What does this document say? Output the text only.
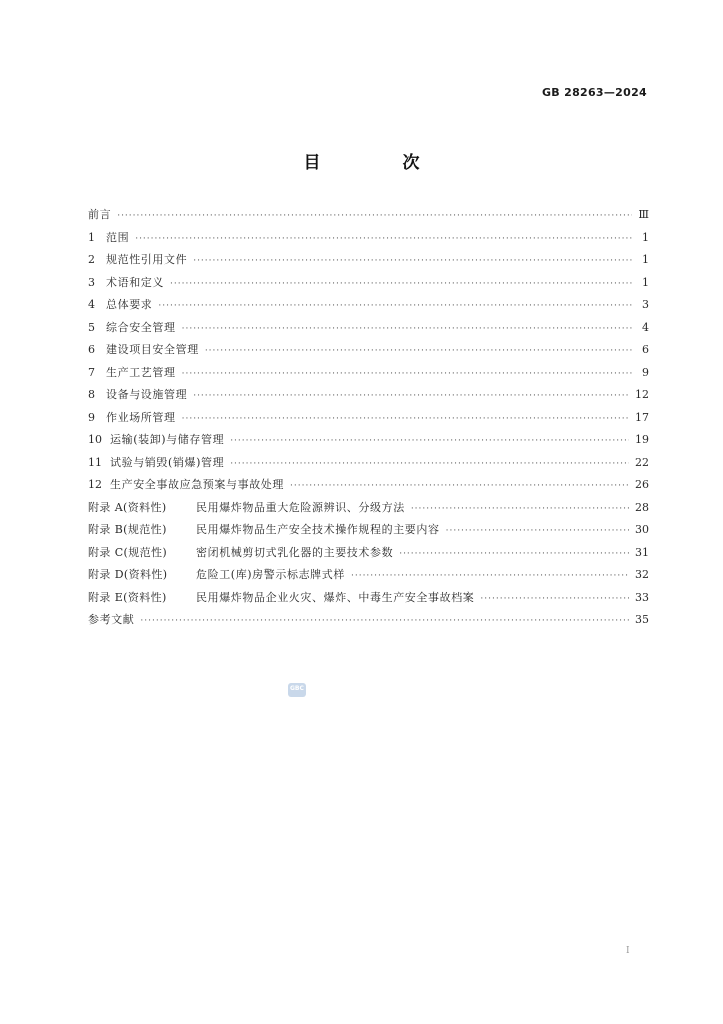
GB 28263—2024
目 次
前言 ·····	Ⅲ
1	范围 ·····	1
2	规范性引用文件 ·····	1
3	术语和定义 ·····	1
4	总体要求 ·····	3
5	综合安全管理 ·····	4
6	建设项目安全管理 ·····	6
7	生产工艺管理 ·····	9
8	设备与设施管理 ·····	12
9	作业场所管理 ·····	17
10 运输(装卸)与储存管理 ·····	19
11 试验与销毁(销爆)管理 ·····	22
12 生产安全事故应急预案与事故处理 ·····	26
附录 A(资料性)	民用爆炸物品重大危险源辨识、分级方法 ·····	28
附录 B(规范性)	民用爆炸物品生产安全技术操作规程的主要内容 ·····	30
附录 C(规范性)	密闭机械剪切式乳化器的主要技术参数 ·····	31
附录 D(资料性)	危险工(库)房警示标志牌式样 ·····	32
附录 E(资料性)	民用爆炸物品企业火灾、爆炸、中毒生产安全事故档案 ·····	33
参考文献 ·····	35
GBC
Ⅰ
